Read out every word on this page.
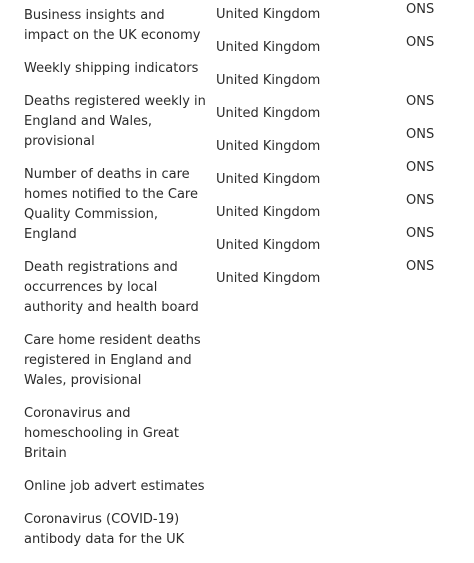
Business insights and impact on the UK economy
Weekly shipping indicators
Deaths registered weekly in England and Wales, provisional
Number of deaths in care homes notified to the Care Quality Commission, England
Death registrations and occurrences by local authority and health board
Care home resident deaths registered in England and Wales, provisional
Coronavirus and homeschooling in Great Britain
Online job advert estimates
Coronavirus (COVID-19) antibody data for the UK
United Kingdom
United Kingdom
United Kingdom
United Kingdom
United Kingdom
United Kingdom
United Kingdom
United Kingdom
United Kingdom
ONS
ONS
ONS
ONS
ONS
ONS
ONS
ONS
